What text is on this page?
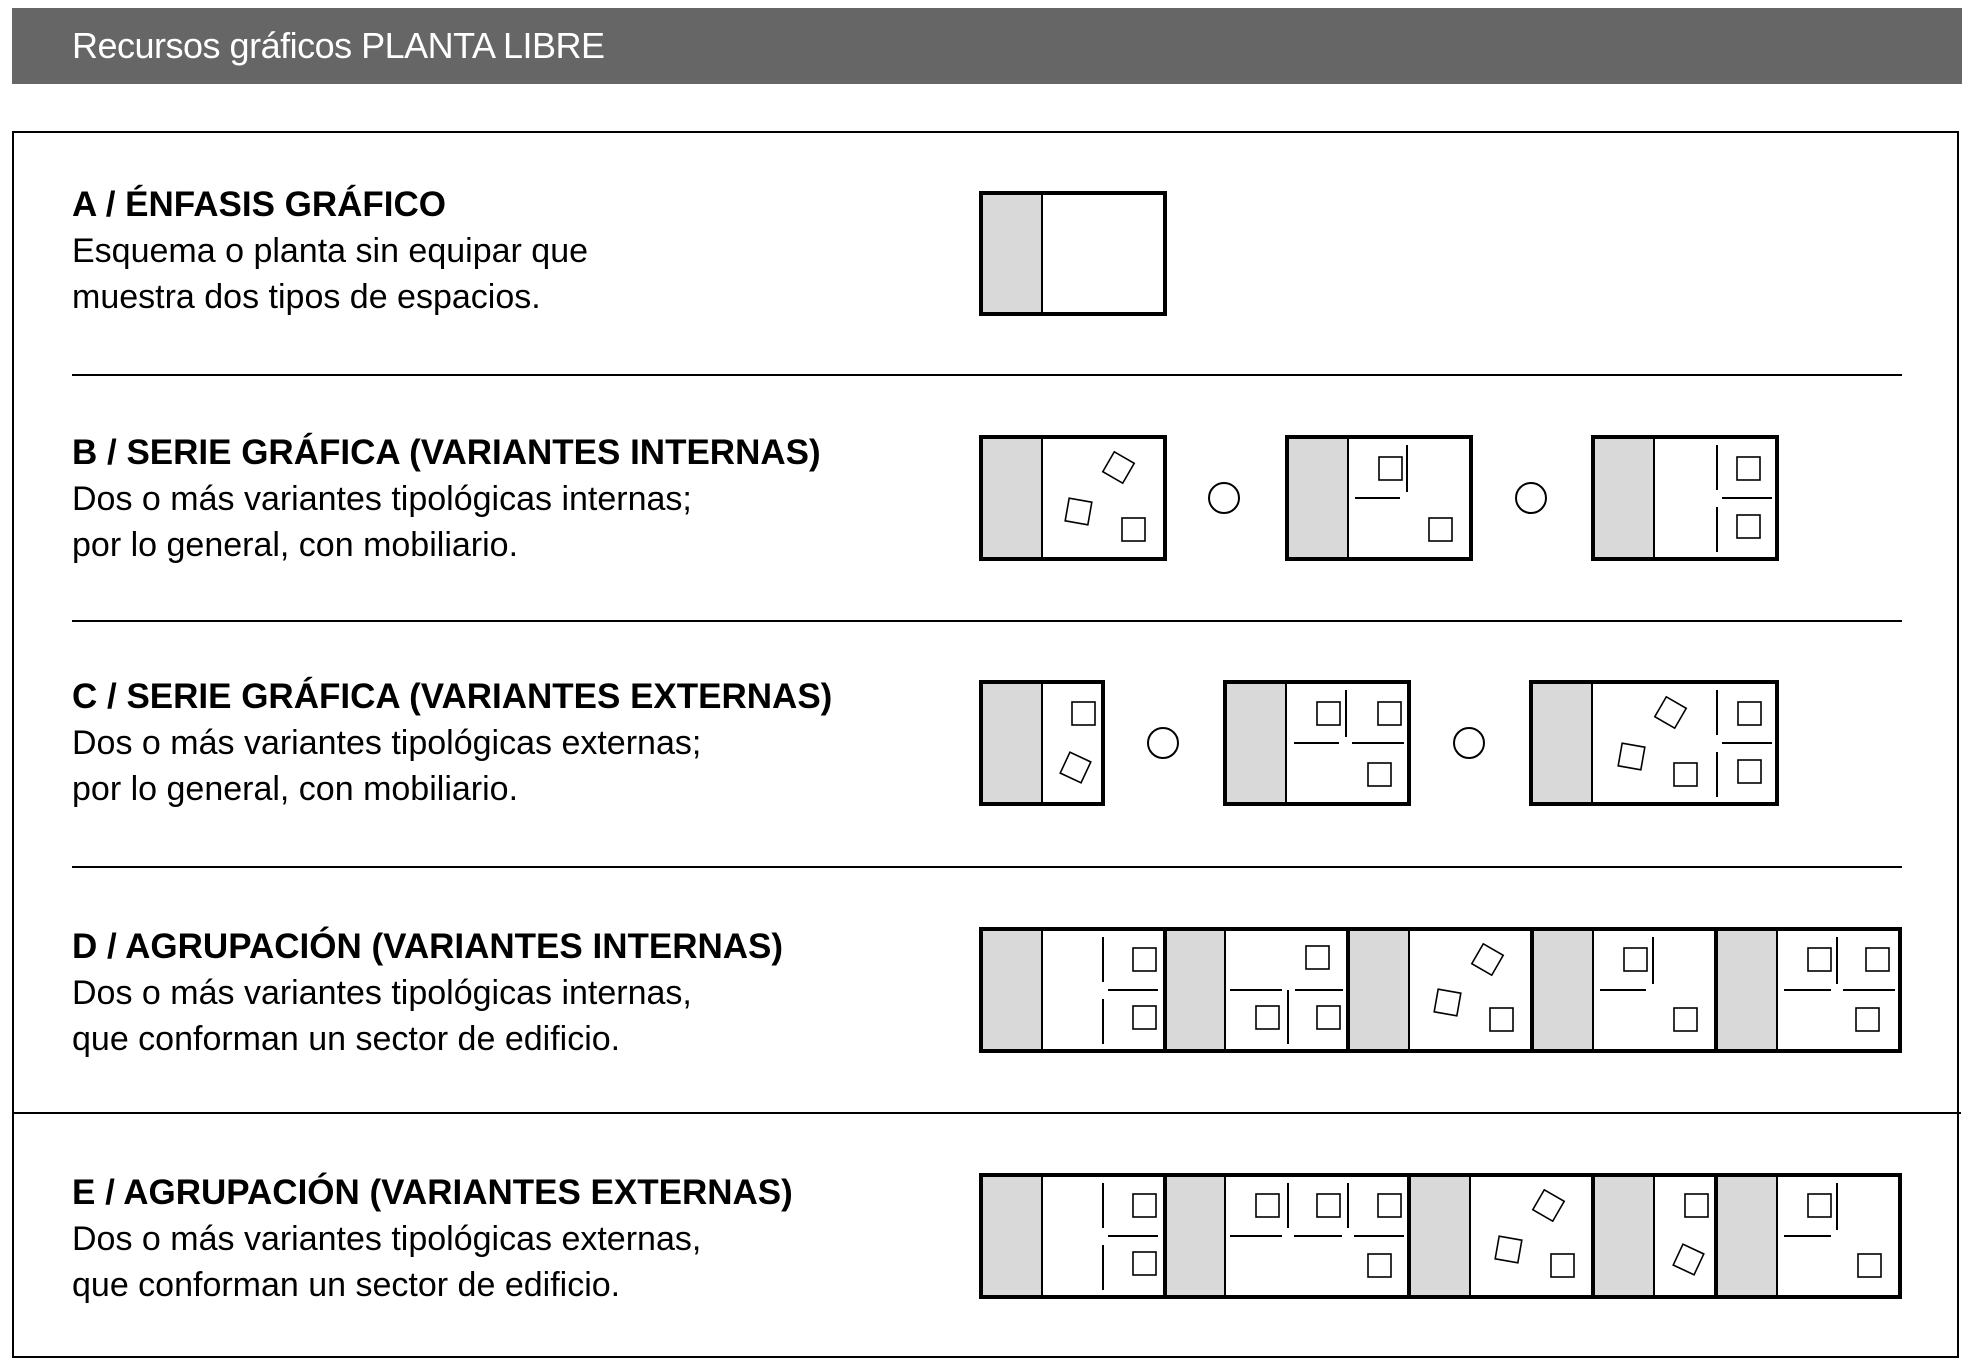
Recursos gráficos PLANTA LIBRE
A / ÉNFASIS GRÁFICO
Esquema o planta sin equipar que
muestra dos tipos de espacios.
B / SERIE GRÁFICA (VARIANTES INTERNAS)
Dos o más variantes tipológicas internas;
por lo general, con mobiliario.
C / SERIE GRÁFICA (VARIANTES EXTERNAS)
Dos o más variantes tipológicas externas;
por lo general, con mobiliario.
D / AGRUPACIÓN (VARIANTES INTERNAS)
Dos o más variantes tipológicas internas,
que conforman un sector de edificio.
E / AGRUPACIÓN (VARIANTES EXTERNAS)
Dos o más variantes tipológicas externas,
que conforman un sector de edificio.
